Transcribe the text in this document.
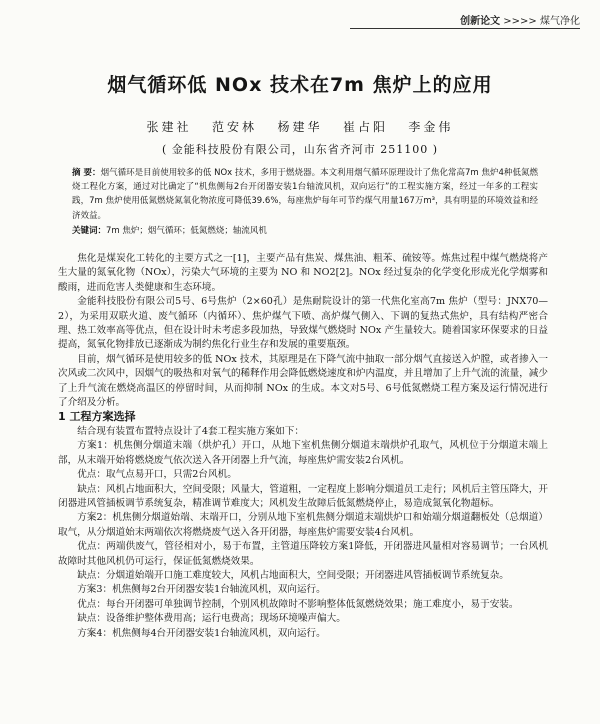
创新论文 >>>> 煤气净化
烟气循环低 NOx 技术在7m 焦炉上的应用
张建社 范安林 杨建华 崔占阳 李金伟
( 金能科技股份有限公司，山东省齐河市 251100 )
摘 要：烟气循环是目前使用较多的低 NOx 技术，多用于燃烧器。本文利用烟气循环原理设计了焦化常高7m 焦炉4种低氮燃烧工程化方案，通过对比确定了“机焦侧每2台开闭器安装1台轴流风机，双向运行”的工程实施方案，经过一年多的工程实践，7m 焦炉使用低氮燃烧氮氧化物浓度可降低39.6%，每座焦炉每年可节约煤气用量167万m³，具有明显的环境效益和经济效益。
关键词：7m 焦炉；烟气循环；低氮燃烧；轴流风机

焦化是煤炭化工转化的主要方式之一[1]，主要产品有焦炭、煤焦油、粗苯、硫铵等。炼焦过程中煤气燃烧将产生大量的氮氧化物（NOx），污染大气环境的主要为 NO 和 NO2[2]。NOx 经过复杂的化学变化形成光化学烟雾和酸雨，进而危害人类健康和生态环境。

金能科技股份有限公司5号、6号焦炉（2×60孔）是焦耐院设计的第一代焦化室高7m 焦炉（型号：JNX70—2），为采用双联火道、废气循环（内循环）、焦炉煤气下喷、高炉煤气侧入、下调的复热式焦炉，具有结构严密合理、热工效率高等优点，但在设计时未考虑多段加热，导致煤气燃烧时 NOx 产生量较大。随着国家环保要求的日益提高，氮氧化物排放已逐渐成为制约焦化行业生存和发展的重要瓶颈。

目前，烟气循环是使用较多的低 NOx 技术，其原理是在下降气流中抽取一部分烟气直接送入炉膛，或者掺入一次风或二次风中，因烟气的吸热和对氧气的稀释作用会降低燃烧速度和炉内温度，并且增加了上升气流的流量，减少了上升气流在燃烧高温区的停留时间，从而抑制 NOx 的生成。本文对5号、6号低氮燃烧工程方案及运行情况进行了介绍及分析。

1 工程方案选择

结合现有装置布置特点设计了4套工程实施方案如下：

方案1：机焦侧分烟道末端（烘炉孔）开口，从地下室机焦侧分烟道末端烘炉孔取气，风机位于分烟道末端上部，从末端开始将燃烧废气依次送入各开闭器上升气流，每座焦炉需安装2台风机。

优点：取气点易开口，只需2台风机。

缺点：风机占地面积大，空间受限；风量大，管道粗，一定程度上影响分烟道员工走行；风机后主管压降大，开闭器进风管插板调节系统复杂，精准调节难度大；风机发生故障后低氮燃烧停止，易造成氮氧化物超标。

方案2：机焦侧分烟道始端、末端开口，分别从地下室机焦侧分烟道末端烘炉口和始端分烟道翻板处（总烟道）取气，从分烟道始末两端依次将燃烧废气送入各开闭器，每座焦炉需要安装4台风机。

优点：两端供废气，管径相对小，易于布置，主管道压降较方案1降低，开闭器进风量相对容易调节；一台风机故障时其他风机仍可运行，保证低氮燃烧效果。

缺点：分烟道始端开口施工难度较大，风机占地面积大，空间受限；开闭器进风管插板调节系统复杂。

方案3：机焦侧每2台开闭器安装1台轴流风机，双向运行。

优点：每台开闭器可单独调节控制，个别风机故障时不影响整体低氮燃烧效果；施工难度小，易于安装。

缺点：设备维护整体费用高；运行电费高；现场环境噪声偏大。

方案4：机焦侧每4台开闭器安装1台轴流风机，双向运行。
